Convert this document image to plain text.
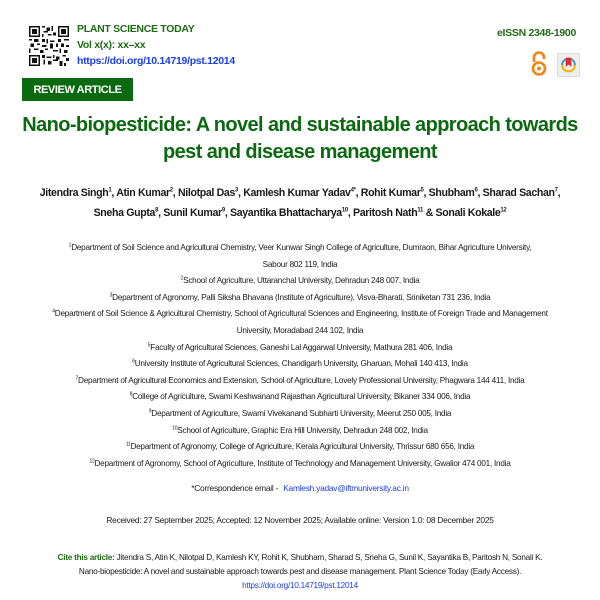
PLANT SCIENCE TODAY
Vol x(x): xx–xx
https://doi.org/10.14719/pst.12014
eISSN 2348-1900
REVIEW ARTICLE
Nano-biopesticide: A novel and sustainable approach towards
pest and disease management
Jitendra Singh$^1$, Atin Kumar$^2$, Nilotpal Das$^3$, Kamlesh Kumar Yadav$^{4*}$, Rohit Kumar$^5$, Shubham$^6$, Sharad Sachan$^7$,
Sneha Gupta$^8$, Sunil Kumar$^9$, Sayantika Bhattacharya$^{10}$, Paritosh Nath$^{11}$ & Sonali Kokale$^{12}$
$^1$Department of Soil Science and Agricultural Chemistry, Veer Kunwar Singh College of Agriculture, Dumraon, Bihar Agriculture University,
Sabour 802 119, India
$^2$School of Agriculture, Uttaranchal University, Dehradun 248 007, India
$^3$Department of Agronomy, Palli Siksha Bhavana (Institute of Agriculture), Visva-Bharati, Sriniketan 731 236, India
$^4$Department of Soil Science & Agricultural Chemistry, School of Agricultural Sciences and Engineering, Institute of Foreign Trade and Management
University, Moradabad 244 102, India
$^5$Faculty of Agricultural Sciences, Ganeshi Lal Aggarwal University, Mathura 281 406, India
$^6$University Institute of Agricultural Sciences, Chandigarh University, Gharuan, Mohali 140 413, India
$^7$Department of Agricultural Economics and Extension, School of Agriculture, Lovely Professional University, Phagwara 144 411, India
$^8$College of Agriculture, Swami Keshwanand Rajasthan Agricultural University, Bikaner 334 006, India
$^9$Department of Agriculture, Swami Vivekanand Subharti University, Meerut 250 005, India
$^{10}$School of Agriculture, Graphic Era Hill University, Dehradun 248 002, India
$^{11}$Department of Agronomy, College of Agriculture, Kerala Agricultural University, Thrissur 680 656, India
$^{12}$Department of Agronomy, School of Agriculture, Institute of Technology and Management University, Gwalior 474 001, India
*Correspondence email - Kamlesh.yadav@iftmuniversity.ac.in
Received: 27 September 2025; Accepted: 12 November 2025; Available online: Version 1.0: 08 December 2025
Cite this article: Jitendra S, Atin K, Nilotpal D, Kamlesh KY, Rohit K, Shubham, Sharad S, Sneha G, Sunil K, Sayantika B, Paritosh N, Sonali K.
Nano-biopesticide: A novel and sustainable approach towards pest and disease management. Plant Science Today (Early Access).
https://doi.org/10.14719/pst.12014
